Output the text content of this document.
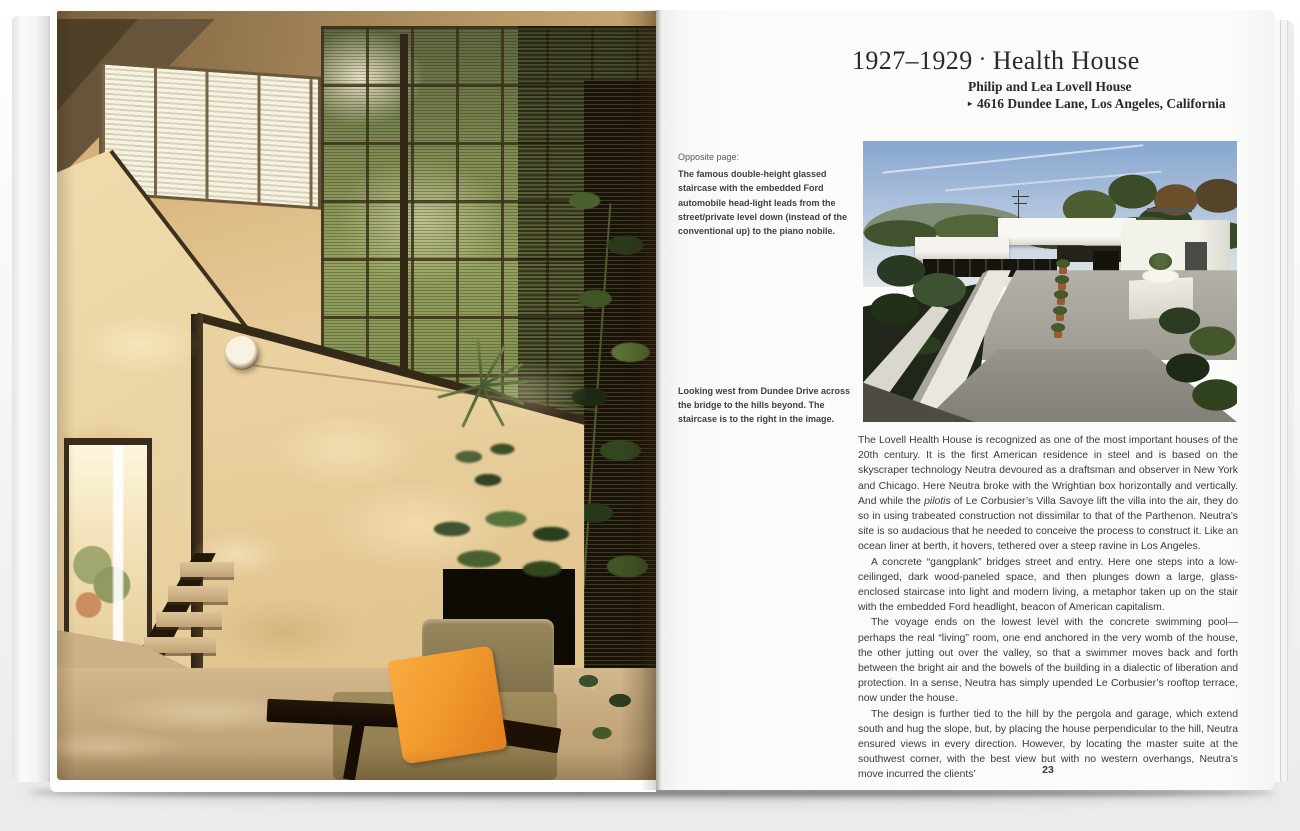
1927–1929 · Health House
Philip and Lea Lovell House
▸ 4616 Dundee Lane, Los Angeles, California
Opposite page:
The famous double-height glassed staircase with the embedded Ford automobile head-light leads from the street/private level down (instead of the conventional up) to the piano nobile.
Looking west from Dundee Drive across the bridge to the hills beyond. The staircase is to the right in the image.

The Lovell Health House is recognized as one of the most important houses of the 20th century. It is the first American residence in steel and is based on the skyscraper technology Neutra devoured as a draftsman and observer in New York and Chicago. Here Neutra broke with the Wrightian box horizontally and vertically. And while the pilotis of Le Corbusier’s Villa Savoye lift the villa into the air, they do so in using trabeated construction not dissimilar to that of the Parthenon. Neutra’s site is so audacious that he needed to conceive the process to construct it. Like an ocean liner at berth, it hovers, tethered over a steep ravine in Los Angeles.

A concrete “gangplank” bridges street and entry. Here one steps into a low-ceilinged, dark wood-paneled space, and then plunges down a large, glass-enclosed staircase into light and modern living, a metaphor taken up on the stair with the embedded Ford headlight, beacon of American capitalism.

The voyage ends on the lowest level with the concrete swimming pool—perhaps the real “living” room, one end anchored in the very womb of the house, the other jutting out over the valley, so that a swimmer moves back and forth between the bright air and the bowels of the building in a dialectic of liberation and protection. In a sense, Neutra has simply upended Le Corbusier’s rooftop terrace, now under the house.

The design is further tied to the hill by the pergola and garage, which extend south and hug the slope, but, by placing the house perpendicular to the hill, Neutra ensured views in every direction. However, by locating the master suite at the southwest corner, with the best view but with no western overhangs, Neutra’s move incurred the clients’	23
